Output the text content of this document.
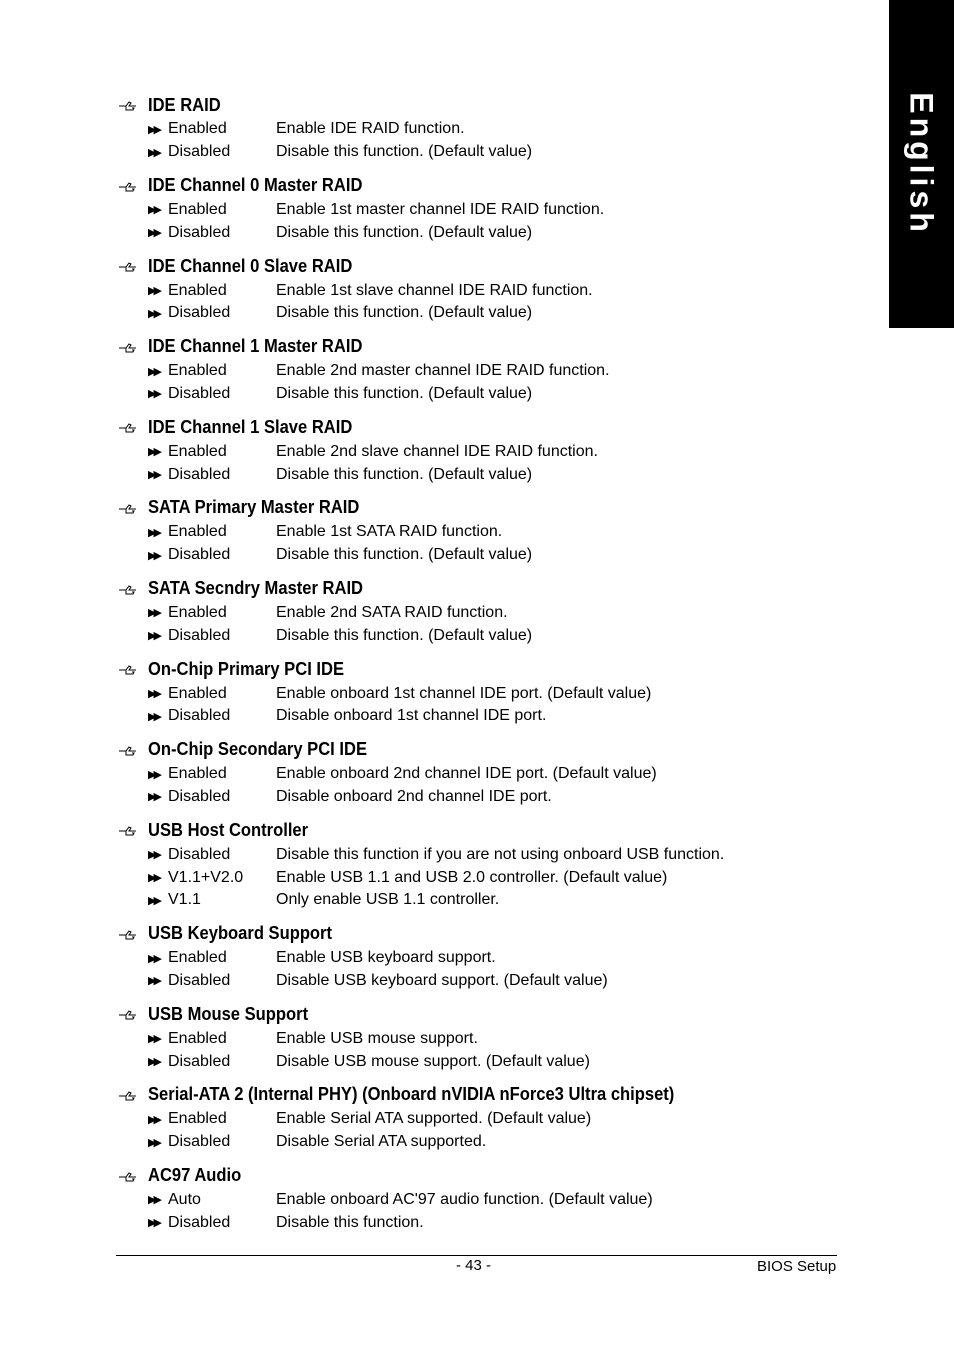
English
IDE RAID
▶▶ Enabled	Enable IDE RAID function.
▶▶ Disabled	Disable this function. (Default value)
IDE Channel 0 Master RAID
▶▶ Enabled	Enable 1st master channel IDE RAID function.
▶▶ Disabled	Disable this function. (Default value)
IDE Channel 0 Slave RAID
▶▶ Enabled	Enable 1st slave channel IDE RAID function.
▶▶ Disabled	Disable this function. (Default value)
IDE Channel 1 Master RAID
▶▶ Enabled	Enable 2nd master channel IDE RAID function.
▶▶ Disabled	Disable this function. (Default value)
IDE Channel 1 Slave RAID
▶▶ Enabled	Enable 2nd slave channel IDE RAID function.
▶▶ Disabled	Disable this function. (Default value)
SATA Primary Master RAID
▶▶ Enabled	Enable 1st SATA RAID function.
▶▶ Disabled	Disable this function. (Default value)
SATA Secndry Master RAID
▶▶ Enabled	Enable 2nd SATA RAID function.
▶▶ Disabled	Disable this function. (Default value)
On-Chip Primary PCI IDE
▶▶ Enabled	Enable onboard 1st channel IDE port. (Default value)
▶▶ Disabled	Disable onboard 1st channel IDE port.
On-Chip Secondary PCI IDE
▶▶ Enabled	Enable onboard 2nd channel IDE port. (Default value)
▶▶ Disabled	Disable onboard 2nd channel IDE port.
USB Host Controller
▶▶ Disabled	Disable this function if you are not using onboard USB function.
▶▶ V1.1+V2.0	Enable USB 1.1 and USB 2.0 controller. (Default value)
▶▶ V1.1	Only enable USB 1.1 controller.
USB Keyboard Support
▶▶ Enabled	Enable USB keyboard support.
▶▶ Disabled	Disable USB keyboard support. (Default value)
USB Mouse Support
▶▶ Enabled	Enable USB mouse support.
▶▶ Disabled	Disable USB mouse support. (Default value)
Serial-ATA 2 (Internal PHY) (Onboard nVIDIA nForce3 Ultra chipset)
▶▶ Enabled	Enable Serial ATA supported. (Default value)
▶▶ Disabled	Disable Serial ATA supported.
AC97 Audio
▶▶ Auto	Enable onboard AC'97 audio function. (Default value)
▶▶ Disabled	Disable this function.
- 43 -	BIOS Setup
